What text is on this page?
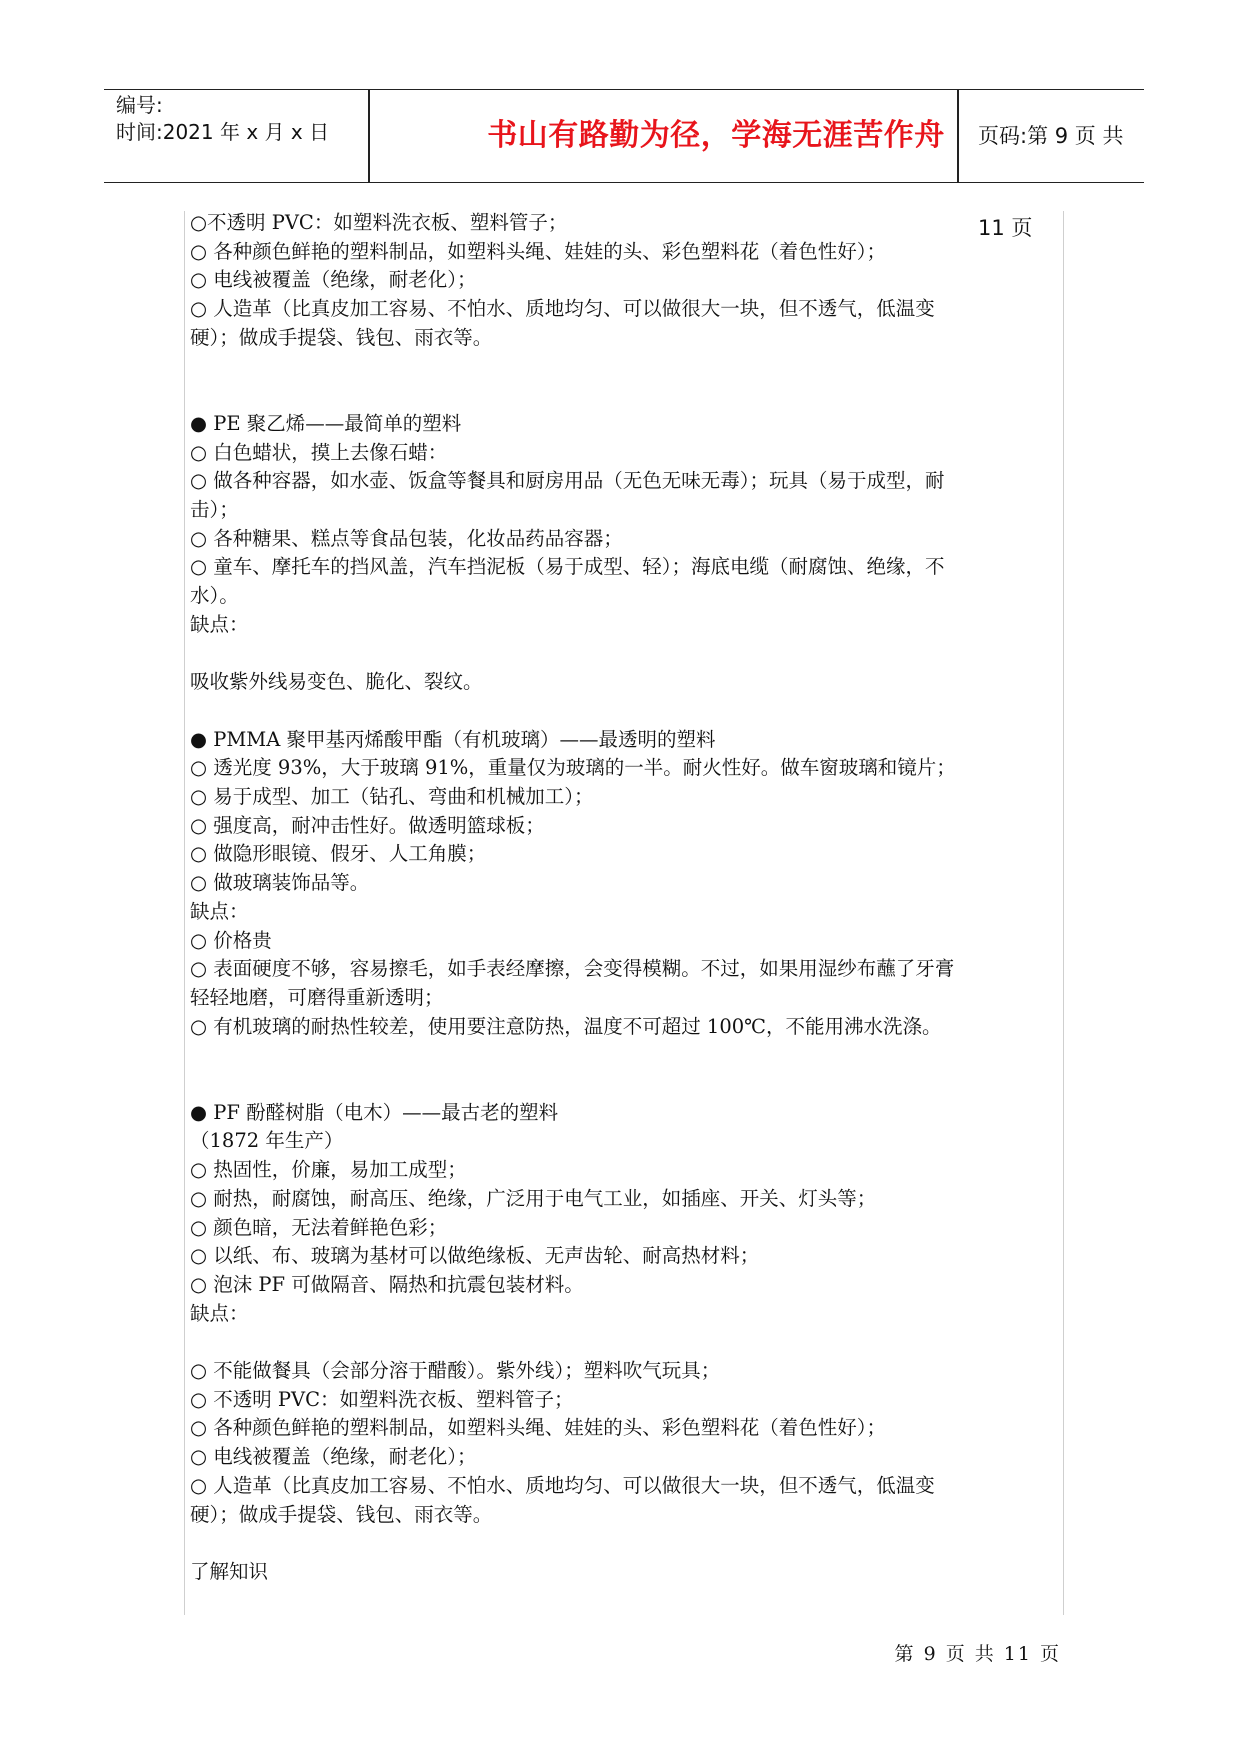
编号:
时间:2021 年 x 月 x 日	书山有路勤为径，学海无涯苦作舟	页码:第 9 页 共 11 页
○不透明 PVC：如塑料洗衣板、塑料管子；
○ 各种颜色鲜艳的塑料制品，如塑料头绳、娃娃的头、彩色塑料花（着色性好）；
○ 电线被覆盖（绝缘，耐老化）；
○ 人造革（比真皮加工容易、不怕水、质地均匀、可以做很大一块，但不透气，低温变
硬）；做成手提袋、钱包、雨衣等。
● PE 聚乙烯——最简单的塑料
○ 白色蜡状，摸上去像石蜡：
○ 做各种容器，如水壶、饭盒等餐具和厨房用品（无色无味无毒）；玩具（易于成型，耐
击）；
○ 各种糖果、糕点等食品包装，化妆品药品容器；
○ 童车、摩托车的挡风盖，汽车挡泥板（易于成型、轻）；海底电缆（耐腐蚀、绝缘，不
水）。
缺点：
吸收紫外线易变色、脆化、裂纹。
● PMMA 聚甲基丙烯酸甲酯（有机玻璃）——最透明的塑料
○ 透光度 93%，大于玻璃 91%，重量仅为玻璃的一半。耐火性好。做车窗玻璃和镜片；
○ 易于成型、加工（钻孔、弯曲和机械加工）；
○ 强度高，耐冲击性好。做透明篮球板；
○ 做隐形眼镜、假牙、人工角膜；
○ 做玻璃装饰品等。
缺点：
○ 价格贵
○ 表面硬度不够，容易擦毛，如手表经摩擦，会变得模糊。不过，如果用湿纱布蘸了牙膏
轻轻地磨，可磨得重新透明；
○ 有机玻璃的耐热性较差，使用要注意防热，温度不可超过 100℃，不能用沸水洗涤。
● PF 酚醛树脂（电木）——最古老的塑料
（1872 年生产）
○ 热固性，价廉，易加工成型；
○ 耐热，耐腐蚀，耐高压、绝缘，广泛用于电气工业，如插座、开关、灯头等；
○ 颜色暗，无法着鲜艳色彩；
○ 以纸、布、玻璃为基材可以做绝缘板、无声齿轮、耐高热材料；
○ 泡沫 PF 可做隔音、隔热和抗震包装材料。
缺点：
○ 不能做餐具（会部分溶于醋酸）。紫外线）；塑料吹气玩具；
○ 不透明 PVC：如塑料洗衣板、塑料管子；
○ 各种颜色鲜艳的塑料制品，如塑料头绳、娃娃的头、彩色塑料花（着色性好）；
○ 电线被覆盖（绝缘，耐老化）；
○ 人造革（比真皮加工容易、不怕水、质地均匀、可以做很大一块，但不透气，低温变
硬）；做成手提袋、钱包、雨衣等。
了解知识
第 9 页 共 11 页
